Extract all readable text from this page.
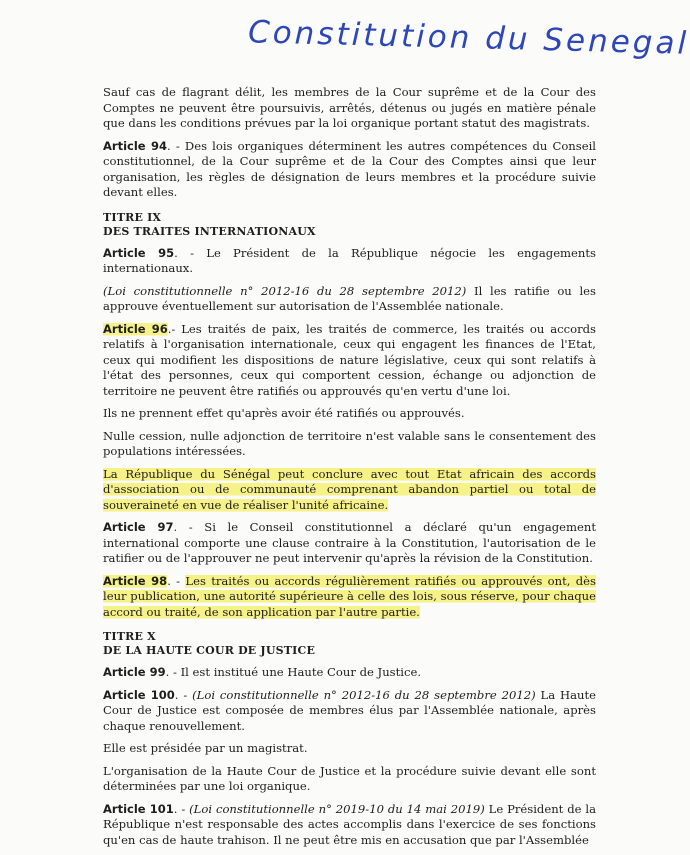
Constitution du Senegal

Sauf cas de flagrant délit, les membres de la Cour suprême et de la Cour des Comptes ne peuvent être poursuivis, arrêtés, détenus ou jugés en matière pénale que dans les conditions prévues par la loi organique portant statut des magistrats.

Article 94. - Des lois organiques déterminent les autres compétences du Conseil constitutionnel, de la Cour suprême et de la Cour des Comptes ainsi que leur organisation, les règles de désignation de leurs membres et la procédure suivie devant elles.

TITRE IX
DES TRAITES INTERNATIONAUX

Article 95. - Le Président de la République négocie les engagements internationaux.

(Loi constitutionnelle n° 2012-16 du 28 septembre 2012) Il les ratifie ou les approuve éventuellement sur autorisation de l'Assemblée nationale.

Article 96.- Les traités de paix, les traités de commerce, les traités ou accords relatifs à l'organisation internationale, ceux qui engagent les finances de l'Etat, ceux qui modifient les dispositions de nature législative, ceux qui sont relatifs à l'état des personnes, ceux qui comportent cession, échange ou adjonction de territoire ne peuvent être ratifiés ou approuvés qu'en vertu d'une loi.

Ils ne prennent effet qu'après avoir été ratifiés ou approuvés.

Nulle cession, nulle adjonction de territoire n'est valable sans le consentement des populations intéressées.

La République du Sénégal peut conclure avec tout Etat africain des accords d'association ou de communauté comprenant abandon partiel ou total de souveraineté en vue de réaliser l'unité africaine.

Article 97. - Si le Conseil constitutionnel a déclaré qu'un engagement international comporte une clause contraire à la Constitution, l'autorisation de le ratifier ou de l'approuver ne peut intervenir qu'après la révision de la Constitution.

Article 98. - Les traités ou accords régulièrement ratifiés ou approuvés ont, dès leur publication, une autorité supérieure à celle des lois, sous réserve, pour chaque accord ou traité, de son application par l'autre partie.

TITRE X
DE LA HAUTE COUR DE JUSTICE

Article 99. - Il est institué une Haute Cour de Justice.

Article 100. - (Loi constitutionnelle n° 2012-16 du 28 septembre 2012) La Haute Cour de Justice est composée de membres élus par l'Assemblée nationale, après chaque renouvellement.

Elle est présidée par un magistrat.

L'organisation de la Haute Cour de Justice et la procédure suivie devant elle sont déterminées par une loi organique.

Article 101. - (Loi constitutionnelle n° 2019-10 du 14 mai 2019) Le Président de la République n'est responsable des actes accomplis dans l'exercice de ses fonctions qu'en cas de haute trahison. Il ne peut être mis en accusation que par l'Assemblée
